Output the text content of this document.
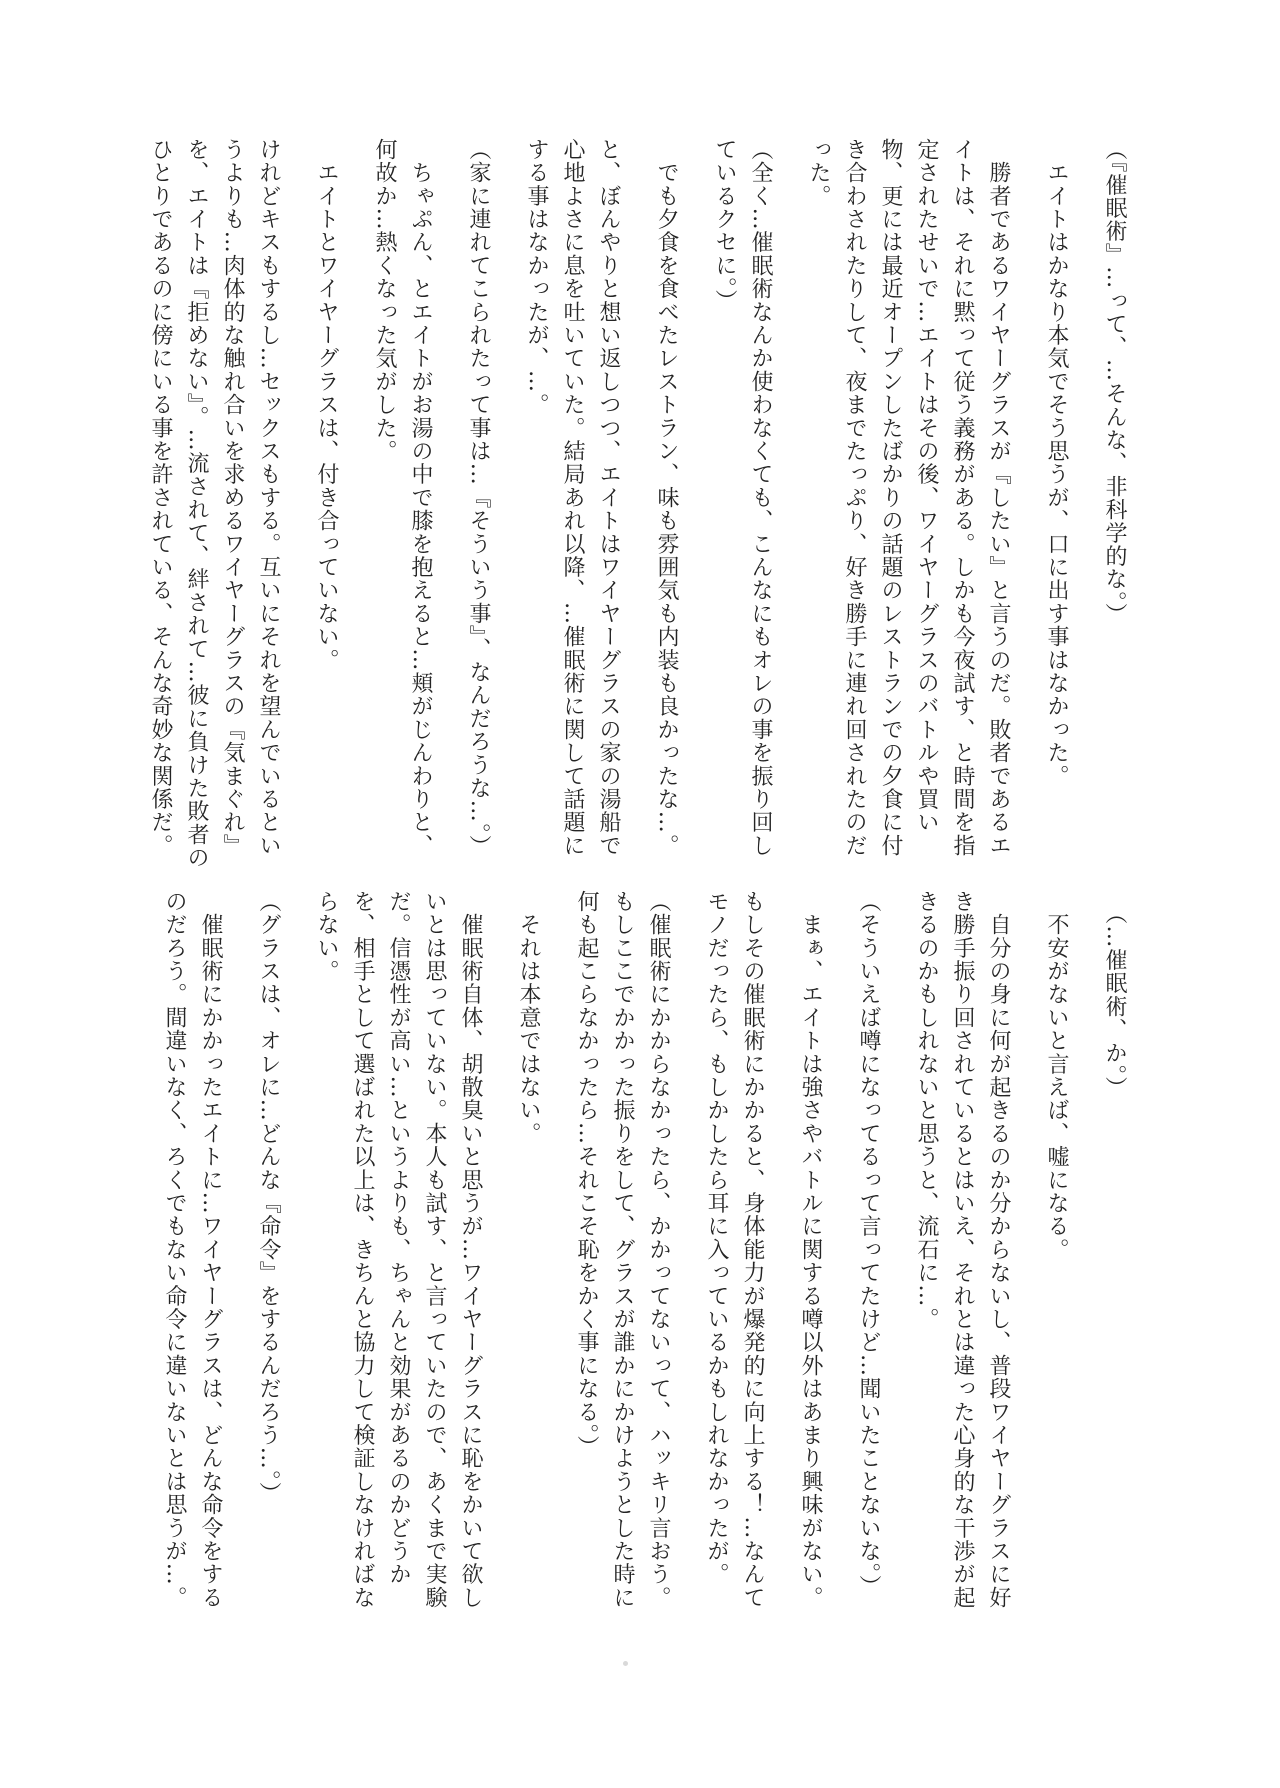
（『催眠術』…って、…そんな、非科学的な。）

　エイトはかなり本気でそう思うが、口に出す事はなかった。

　勝者であるワイヤーグラスが『したい』と言うのだ。敗者であるエイトは、それに黙って従う義務がある。しかも今夜試す、と時間を指定されたせいで…エイトはその後、ワイヤーグラスのバトルや買い物、更には最近オープンしたばかりの話題のレストランでの夕食に付き合わされたりして、夜までたっぷり、好き勝手に連れ回されたのだった。

（全く…催眠術なんか使わなくても、こんなにもオレの事を振り回しているクセに。）

　でも夕食を食べたレストラン、味も雰囲気も内装も良かったな…。

と、ぼんやりと想い返しつつ、エイトはワイヤーグラスの家の湯船で心地よさに息を吐いていた。結局あれ以降、…催眠術に関して話題にする事はなかったが、…。

（家に連れてこられたって事は…『そういう事』、なんだろうな…。）

　ちゃぷん、とエイトがお湯の中で膝を抱えると…頬がじんわりと、何故か…熱くなった気がした。

　エイトとワイヤーグラスは、付き合っていない。

けれどキスもするし…セックスもする。互いにそれを望んでいるというよりも…肉体的な触れ合いを求めるワイヤーグラスの『気まぐれ』を、エイトは『拒めない』。…流されて、絆されて…彼に負けた敗者のひとりであるのに傍にいる事を許されている、そんな奇妙な関係だ。

　（…催眠術、か。）

　不安がないと言えば、嘘になる。

　自分の身に何が起きるのか分からないし、普段ワイヤーグラスに好き勝手振り回されているとはいえ、それとは違った心身的な干渉が起きるのかもしれないと思うと、流石に…。

（そういえば噂になってるって言ってたけど…聞いたことないな。）

　まぁ、エイトは強さやバトルに関する噂以外はあまり興味がない。

もしその催眠術にかかると、身体能力が爆発的に向上する！…なんてモノだったら、もしかしたら耳に入っているかもしれなかったが。

（催眠術にかからなかったら、かかってないって、ハッキリ言おう。もしここでかかった振りをして、グラスが誰かにかけようとした時に何も起こらなかったら…それこそ恥をかく事になる。）

　それは本意ではない。

　催眠術自体、胡散臭いと思うが…ワイヤーグラスに恥をかいて欲しいとは思っていない。本人も試す、と言っていたので、あくまで実験だ。信憑性が高い…というよりも、ちゃんと効果があるのかどうかを、相手として選ばれた以上は、きちんと協力して検証しなければならない。

（グラスは、オレに…どんな『命令』をするんだろう…。）

　催眠術にかかったエイトに…ワイヤーグラスは、どんな命令をするのだろう。間違いなく、ろくでもない命令に違いないとは思うが…。
